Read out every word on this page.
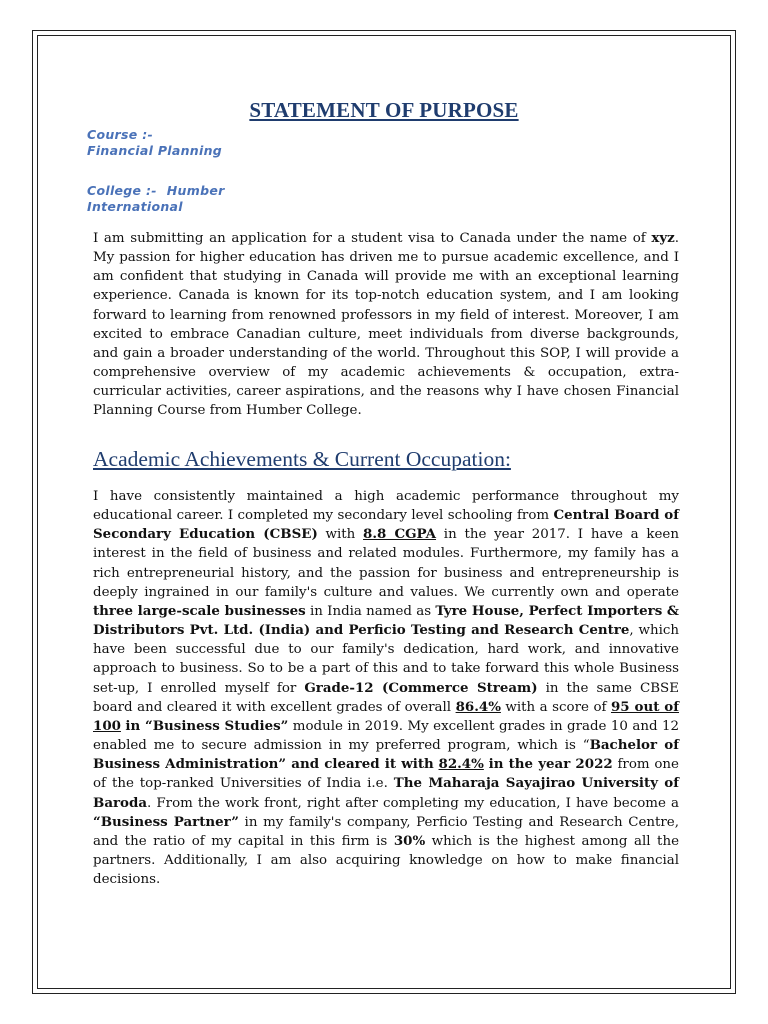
STATEMENT OF PURPOSE
Course :-
Financial Planning
College :- Humber
International

I am submitting an application for a student visa to Canada under the name of xyz. My passion for higher education has driven me to pursue academic excellence, and I am confident that studying in Canada will provide me with an exceptional learning experience. Canada is known for its top-notch education system, and I am looking forward to learning from renowned professors in my field of interest. Moreover, I am excited to embrace Canadian culture, meet individuals from diverse backgrounds, and gain a broader understanding of the world. Throughout this SOP, I will provide a comprehensive overview of my academic achievements & occupation, extra-curricular activities, career aspirations, and the reasons why I have chosen Financial Planning Course from Humber College.

Academic Achievements & Current Occupation:

I have consistently maintained a high academic performance throughout my educational career. I completed my secondary level schooling from Central Board of Secondary Education (CBSE) with 8.8 CGPA in the year 2017. I have a keen interest in the field of business and related modules. Furthermore, my family has a rich entrepreneurial history, and the passion for business and entrepreneurship is deeply ingrained in our family's culture and values. We currently own and operate three large-scale businesses in India named as Tyre House, Perfect Importers & Distributors Pvt. Ltd. (India) and Perficio Testing and Research Centre, which have been successful due to our family's dedication, hard work, and innovative approach to business. So to be a part of this and to take forward this whole Business set-up, I enrolled myself for Grade-12 (Commerce Stream) in the same CBSE board and cleared it with excellent grades of overall 86.4% with a score of 95 out of 100 in “Business Studies” module in 2019. My excellent grades in grade 10 and 12 enabled me to secure admission in my preferred program, which is “Bachelor of Business Administration” and cleared it with 82.4% in the year 2022 from one of the top-ranked Universities of India i.e. The Maharaja Sayajirao University of Baroda. From the work front, right after completing my education, I have become a “Business Partner” in my family's company, Perficio Testing and Research Centre, and the ratio of my capital in this firm is 30% which is the highest among all the partners. Additionally, I am also acquiring knowledge on how to make financial decisions.
